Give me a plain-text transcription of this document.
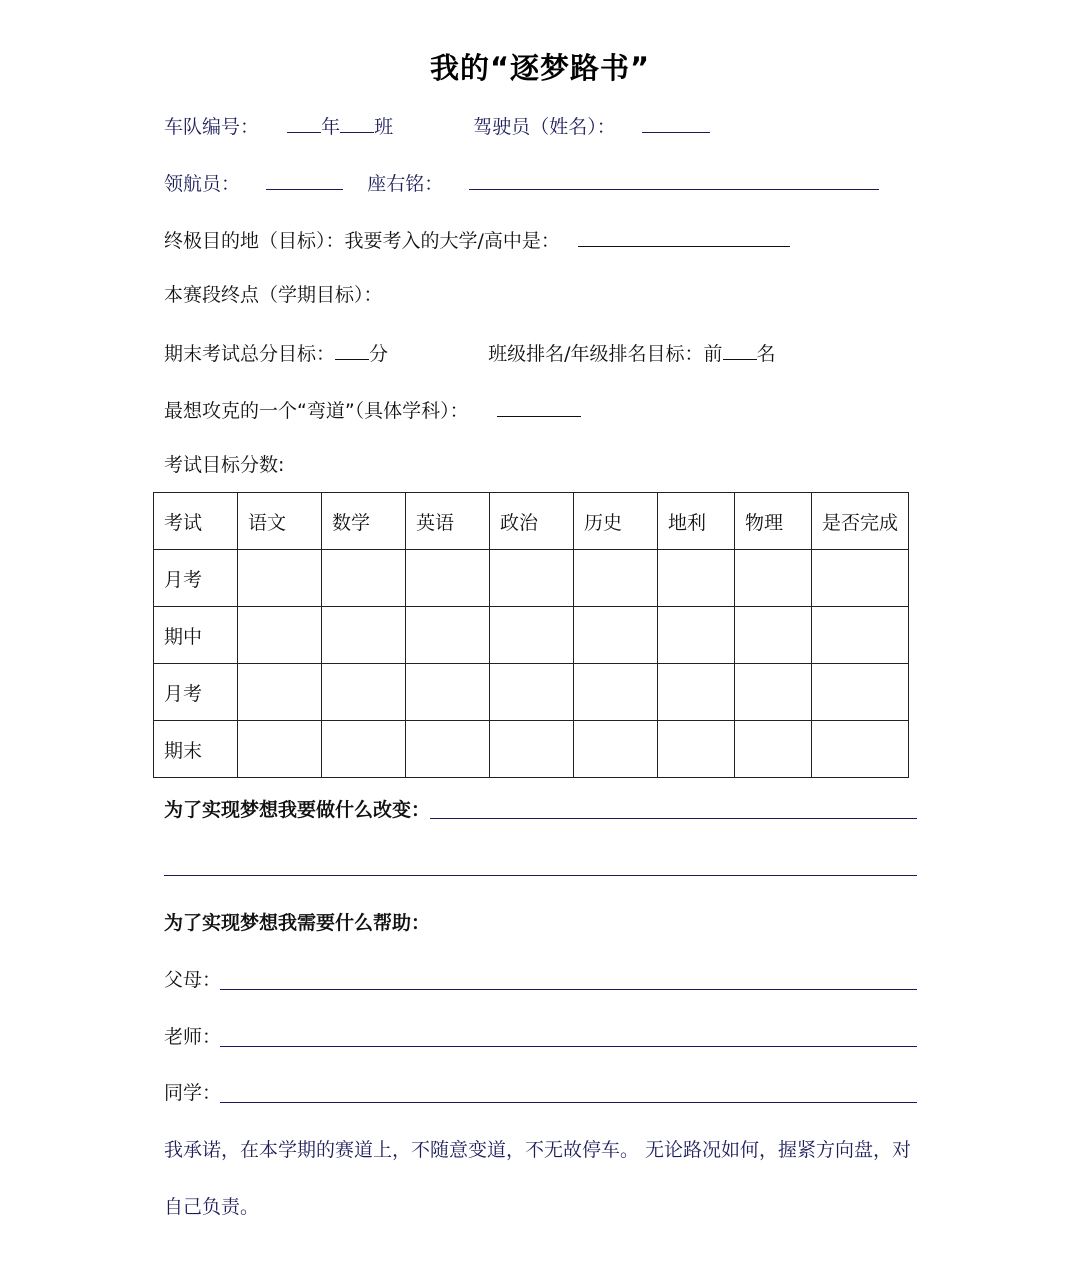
我的“逐梦路书”
车队编号：	年 班	驾驶员（姓名）：
领航员：	座右铭：
终极目的地（目标）：我要考入的大学/高中是：
本赛段终点（学期目标）：
期末考试总分目标： 分	班级排名/年级排名目标：前 名
最想攻克的一个“弯道”（具体学科）：
考试目标分数:
考试	语文	数学	英语	政治	历史	地利	物理	是否完成
月考								
期中								
月考								
期末								
为了实现梦想我要做什么改变：
为了实现梦想我需要什么帮助：
父母：
老师：
同学：
我承诺，在本学期的赛道上，不随意变道，不无故停车。 无论路况如何，握紧方向盘，对
自己负责。
